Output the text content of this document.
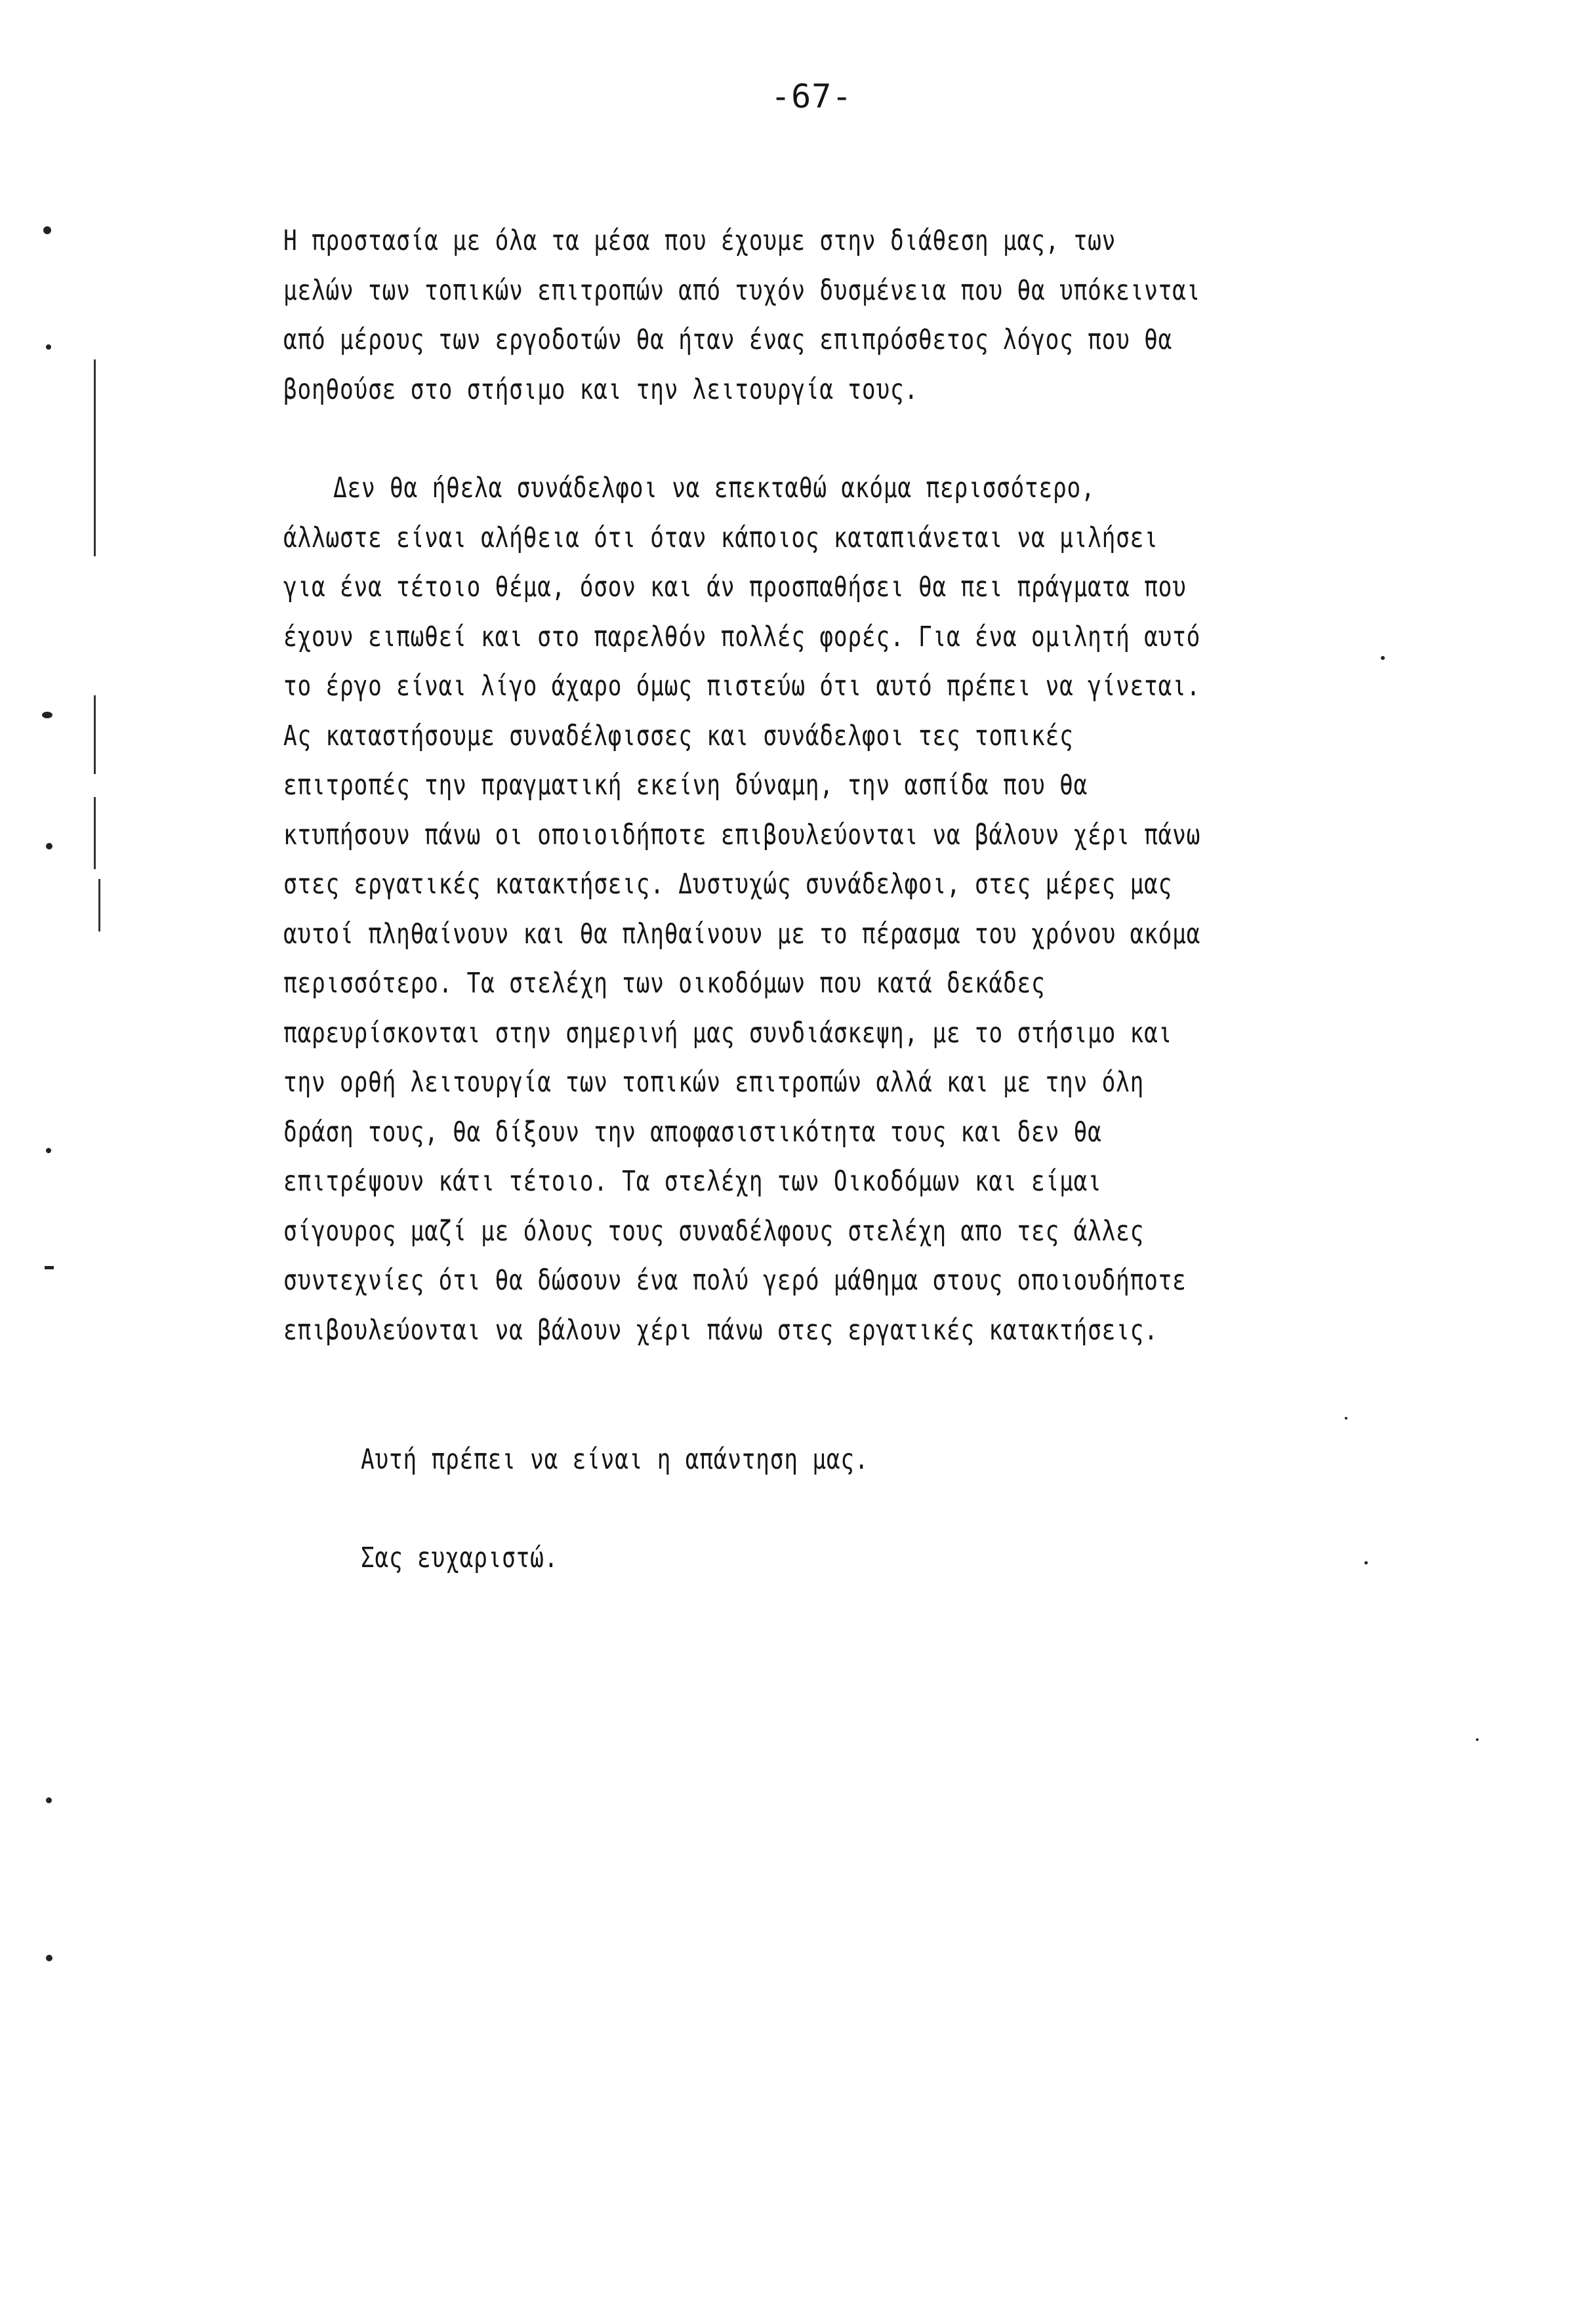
-67-
Η προστασία με όλα τα μέσα που έχουμε στην διάθεση μας, των
μελών των τοπικών επιτροπών από τυχόν δυσμένεια που θα υπόκεινται
από μέρους των εργοδοτών θα ήταν ένας επιπρόσθετος λόγος που θα
βοηθούσε στο στήσιμο και την λειτουργία τους.
Δεν θα ήθελα συνάδελφοι να επεκταθώ ακόμα περισσότερο,
άλλωστε είναι αλήθεια ότι όταν κάποιος καταπιάνεται να μιλήσει
για ένα τέτοιο θέμα, όσον και άν προσπαθήσει θα πει πράγματα που
έχουν ειπωθεί και στο παρελθόν πολλές φορές. Για ένα ομιλητή αυτό
το έργο είναι λίγο άχαρο όμως πιστεύω ότι αυτό πρέπει να γίνεται.
Ας καταστήσουμε συναδέλφισσες και συνάδελφοι τες τοπικές
επιτροπές την πραγματική εκείνη δύναμη, την ασπίδα που θα
κτυπήσουν πάνω οι οποιοιδήποτε επιβουλεύονται να βάλουν χέρι πάνω
στες εργατικές κατακτήσεις. Δυστυχώς συνάδελφοι, στες μέρες μας
αυτοί πληθαίνουν και θα πληθαίνουν με το πέρασμα του χρόνου ακόμα
περισσότερο. Τα στελέχη των οικοδόμων που κατά δεκάδες
παρευρίσκονται στην σημερινή μας συνδιάσκεψη, με το στήσιμο και
την ορθή λειτουργία των τοπικών επιτροπών αλλά και με την όλη
δράση τους, θα δίξουν την αποφασιστικότητα τους και δεν θα
επιτρέψουν κάτι τέτοιο. Τα στελέχη των Οικοδόμων και είμαι
σίγουρος μαζί με όλους τους συναδέλφους στελέχη απο τες άλλες
συντεχνίες ότι θα δώσουν ένα πολύ γερό μάθημα στους οποιουδήποτε
επιβουλεύονται να βάλουν χέρι πάνω στες εργατικές κατακτήσεις.
Αυτή πρέπει να είναι η απάντηση μας.
Σας ευχαριστώ.
